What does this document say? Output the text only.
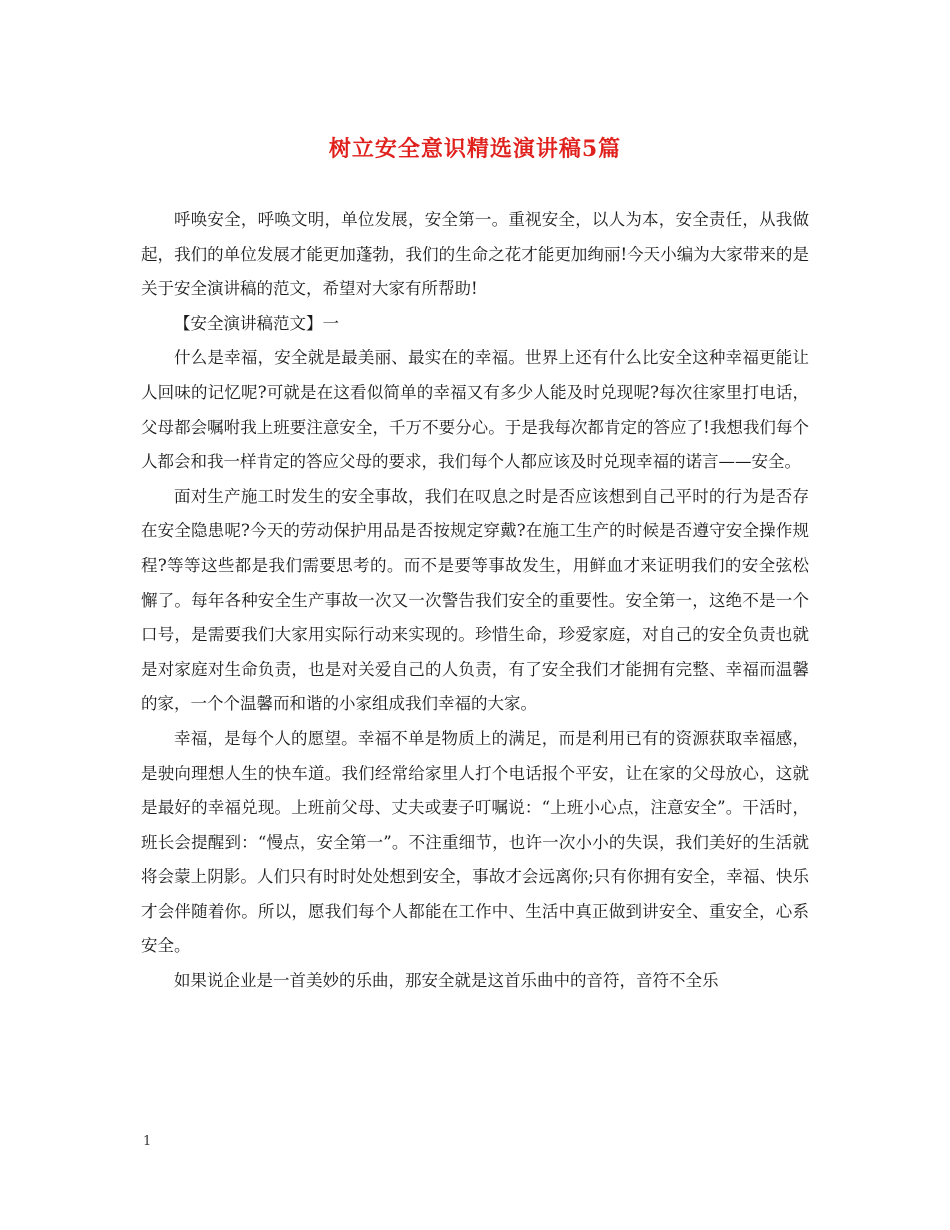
树立安全意识精选演讲稿5篇

呼唤安全，呼唤文明，单位发展，安全第一。重视安全，以人为本，安全责任，从我做起，我们的单位发展才能更加蓬勃，我们的生命之花才能更加绚丽!今天小编为大家带来的是关于安全演讲稿的范文，希望对大家有所帮助!

【安全演讲稿范文】一

什么是幸福，安全就是最美丽、最实在的幸福。世界上还有什么比安全这种幸福更能让人回味的记忆呢?可就是在这看似简单的幸福又有多少人能及时兑现呢?每次往家里打电话，父母都会嘱咐我上班要注意安全，千万不要分心。于是我每次都肯定的答应了!我想我们每个人都会和我一样肯定的答应父母的要求，我们每个人都应该及时兑现幸福的诺言——安全。

面对生产施工时发生的安全事故，我们在叹息之时是否应该想到自己平时的行为是否存在安全隐患呢?今天的劳动保护用品是否按规定穿戴?在施工生产的时候是否遵守安全操作规程?等等这些都是我们需要思考的。而不是要等事故发生，用鲜血才来证明我们的安全弦松懈了。每年各种安全生产事故一次又一次警告我们安全的重要性。安全第一，这绝不是一个口号，是需要我们大家用实际行动来实现的。珍惜生命，珍爱家庭，对自己的安全负责也就是对家庭对生命负责，也是对关爱自己的人负责，有了安全我们才能拥有完整、幸福而温馨的家，一个个温馨而和谐的小家组成我们幸福的大家。

幸福，是每个人的愿望。幸福不单是物质上的满足，而是利用已有的资源获取幸福感，是驶向理想人生的快车道。我们经常给家里人打个电话报个平安，让在家的父母放心，这就是最好的幸福兑现。上班前父母、丈夫或妻子叮嘱说：“上班小心点，注意安全”。干活时，班长会提醒到：“慢点，安全第一”。不注重细节，也许一次小小的失误，我们美好的生活就将会蒙上阴影。人们只有时时处处想到安全，事故才会远离你;只有你拥有安全，幸福、快乐才会伴随着你。所以，愿我们每个人都能在工作中、生活中真正做到讲安全、重安全，心系安全。

如果说企业是一首美妙的乐曲，那安全就是这首乐曲中的音符，音符不全乐

1
